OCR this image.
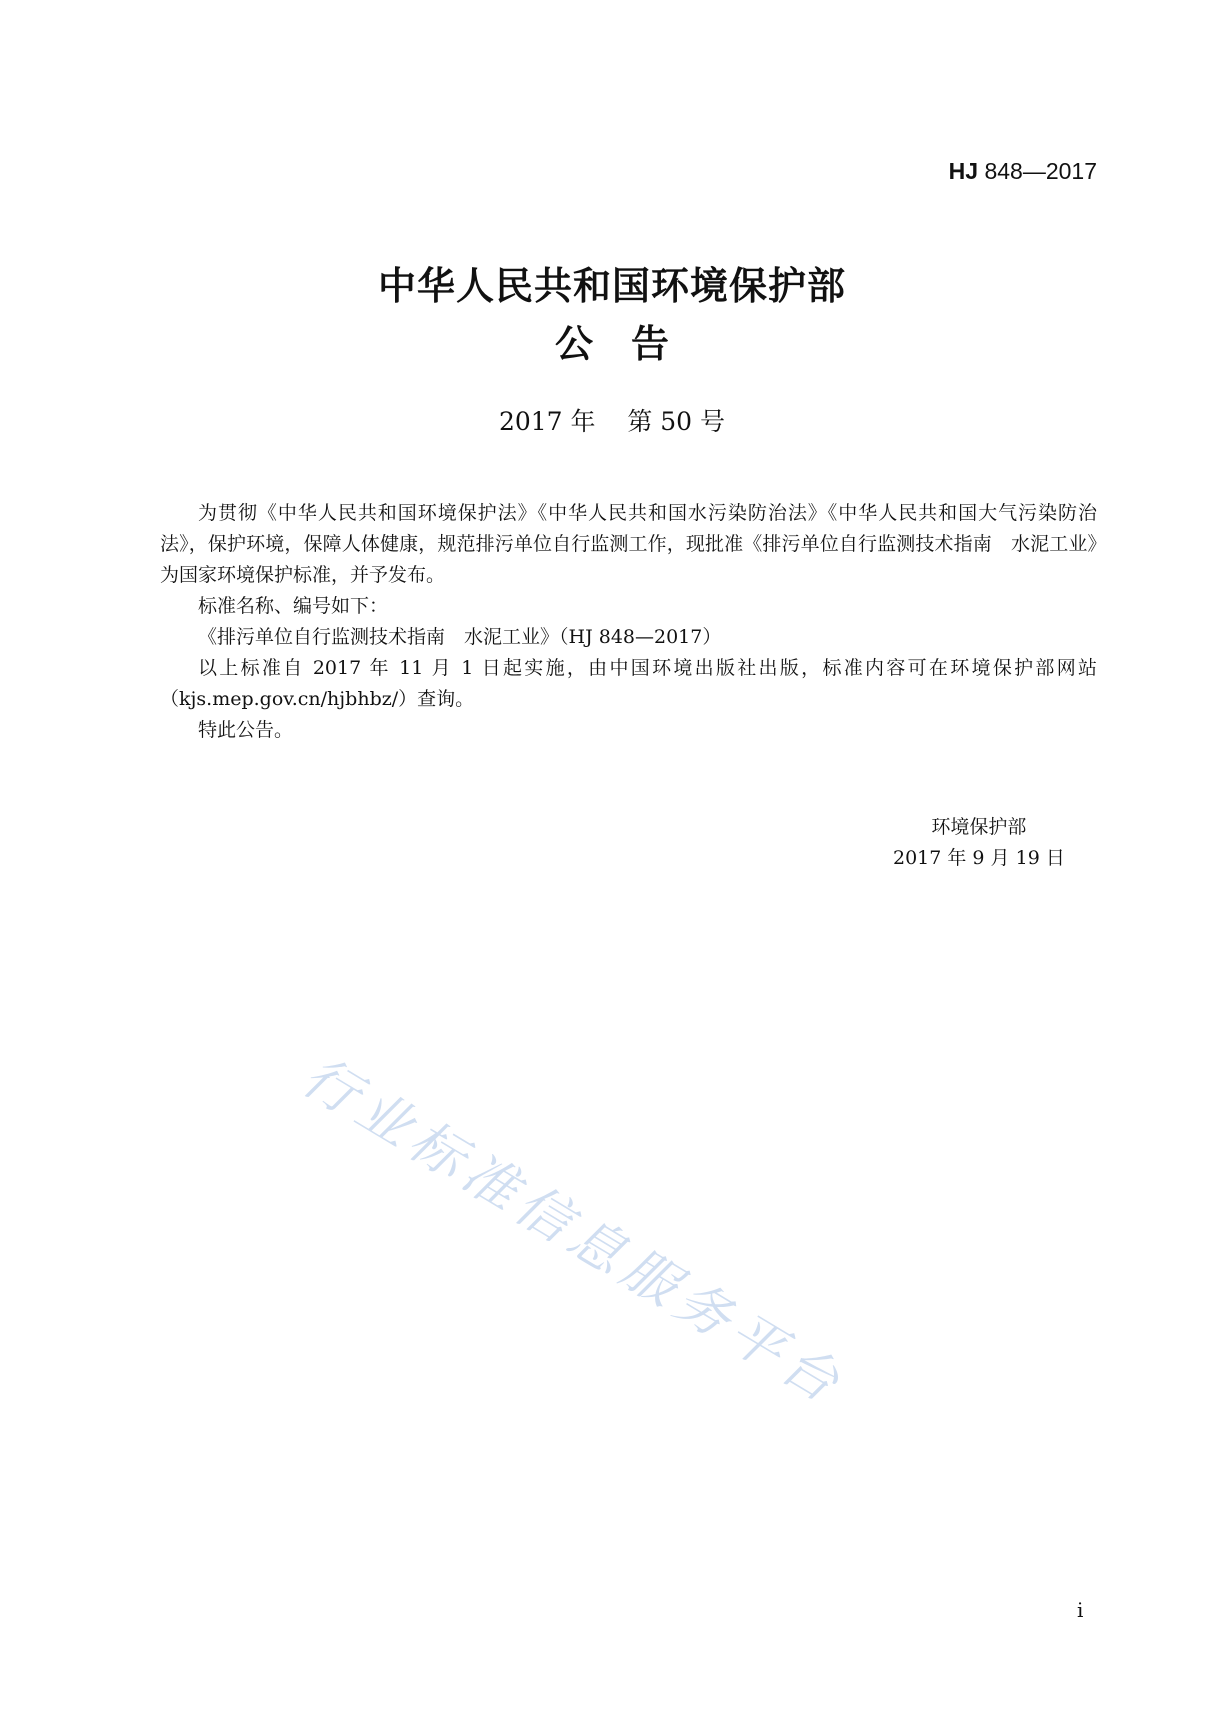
HJ 848—2017
中华人民共和国环境保护部
公告
2017 年    第 50 号

为贯彻《中华人民共和国环境保护法》《中华人民共和国水污染防治法》《中华人民共和国大气污染防治法》，保护环境，保障人体健康，规范排污单位自行监测工作，现批准《排污单位自行监测技术指南　水泥工业》为国家环境保护标准，并予发布。

标准名称、编号如下：

《排污单位自行监测技术指南　水泥工业》（HJ 848—2017）

以上标准自 2017 年 11 月 1 日起实施，由中国环境出版社出版，标准内容可在环境保护部网站（kjs.mep.gov.cn/hjbhbz/）查询。

特此公告。

环境保护部
2017 年 9 月 19 日
行业标准信息服务平台
i
